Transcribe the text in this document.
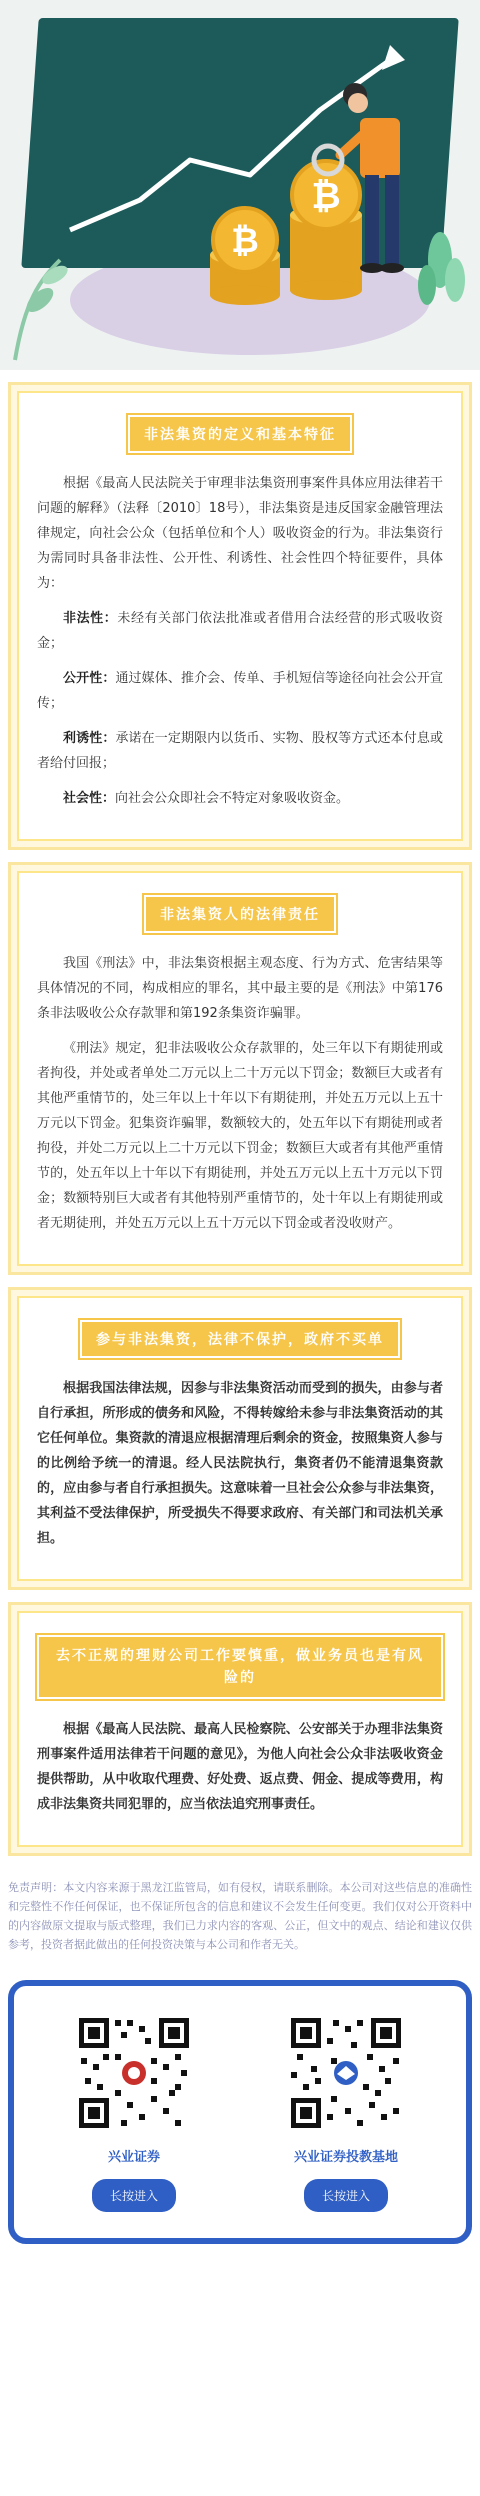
₿
₿
非法集资的定义和基本特征

根据《最高人民法院关于审理非法集资刑事案件具体应用法律若干问题的解释》（法释〔2010〕18号），非法集资是违反国家金融管理法律规定，向社会公众（包括单位和个人）吸收资金的行为。非法集资行为需同时具备非法性、公开性、利诱性、社会性四个特征要件，具体为：

非法性：未经有关部门依法批准或者借用合法经营的形式吸收资金；

公开性：通过媒体、推介会、传单、手机短信等途径向社会公开宣传；

利诱性：承诺在一定期限内以货币、实物、股权等方式还本付息或者给付回报；

社会性：向社会公众即社会不特定对象吸收资金。

非法集资人的法律责任

我国《刑法》中，非法集资根据主观态度、行为方式、危害结果等具体情况的不同，构成相应的罪名，其中最主要的是《刑法》中第176条非法吸收公众存款罪和第192条集资诈骗罪。

《刑法》规定，犯非法吸收公众存款罪的，处三年以下有期徒刑或者拘役，并处或者单处二万元以上二十万元以下罚金；数额巨大或者有其他严重情节的，处三年以上十年以下有期徒刑，并处五万元以上五十万元以下罚金。犯集资诈骗罪，数额较大的，处五年以下有期徒刑或者拘役，并处二万元以上二十万元以下罚金；数额巨大或者有其他严重情节的，处五年以上十年以下有期徒刑，并处五万元以上五十万元以下罚金；数额特别巨大或者有其他特别严重情节的，处十年以上有期徒刑或者无期徒刑，并处五万元以上五十万元以下罚金或者没收财产。

参与非法集资，法律不保护，政府不买单

根据我国法律法规，因参与非法集资活动而受到的损失，由参与者自行承担，所形成的债务和风险，不得转嫁给未参与非法集资活动的其它任何单位。集资款的清退应根据清理后剩余的资金，按照集资人参与的比例给予统一的清退。经人民法院执行，集资者仍不能清退集资款的，应由参与者自行承担损失。这意味着一旦社会公众参与非法集资，其利益不受法律保护，所受损失不得要求政府、有关部门和司法机关承担。

去不正规的理财公司工作要慎重，做业务员也是有风险的

根据《最高人民法院、最高人民检察院、公安部关于办理非法集资刑事案件适用法律若干问题的意见》，为他人向社会公众非法吸收资金提供帮助，从中收取代理费、好处费、返点费、佣金、提成等费用，构成非法集资共同犯罪的，应当依法追究刑事责任。

免责声明：本文内容来源于黑龙江监管局，如有侵权，请联系删除。本公司对这些信息的准确性和完整性不作任何保证，也不保证所包含的信息和建议不会发生任何变更。我们仅对公开资料中的内容做原文提取与版式整理，我们已力求内容的客观、公正，但文中的观点、结论和建议仅供参考，投资者据此做出的任何投资决策与本公司和作者无关。

兴业证券
长按进入
兴业证券投教基地
长按进入
